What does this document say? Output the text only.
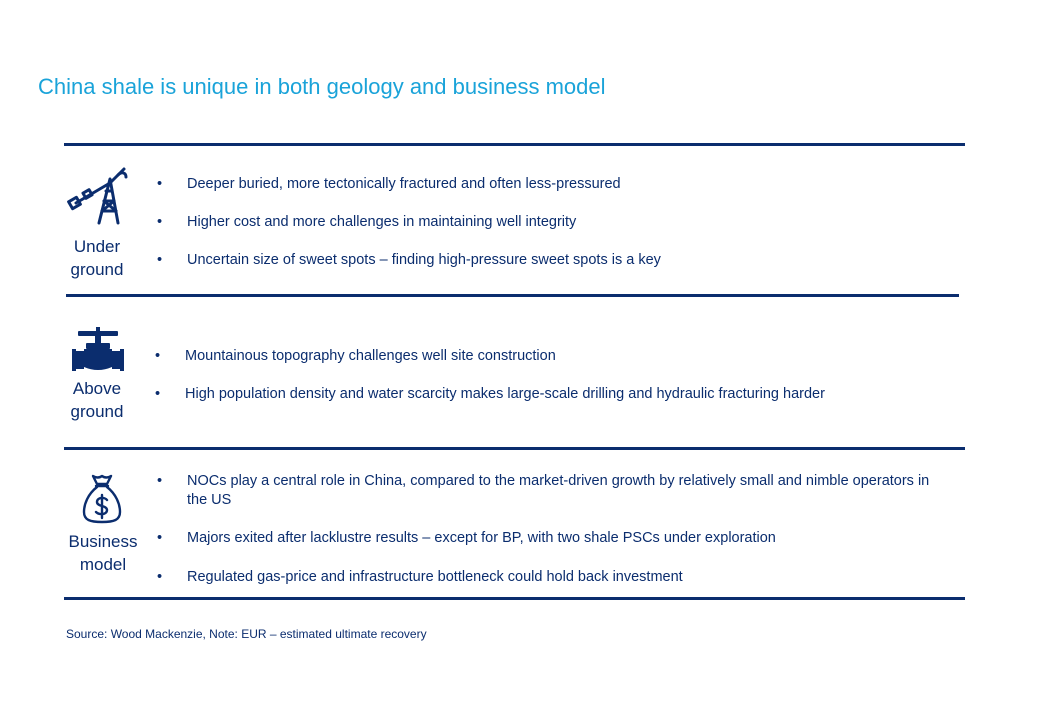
China shale is unique in both geology and business model
Under ground
• Deeper buried, more tectonically fractured and often less-pressured
• Higher cost and more challenges in maintaining well integrity
• Uncertain size of sweet spots – finding high-pressure sweet spots is a key
Above ground
• Mountainous topography challenges well site construction
• High population density and water scarcity makes large-scale drilling and hydraulic fracturing harder
Business model
• NOCs play a central role in China, compared to the market-driven growth by relatively small and nimble operators in the US
• Majors exited after lacklustre results – except for BP, with two shale PSCs under exploration
• Regulated gas-price and infrastructure bottleneck could hold back investment
Source: Wood Mackenzie, Note: EUR – estimated ultimate recovery
